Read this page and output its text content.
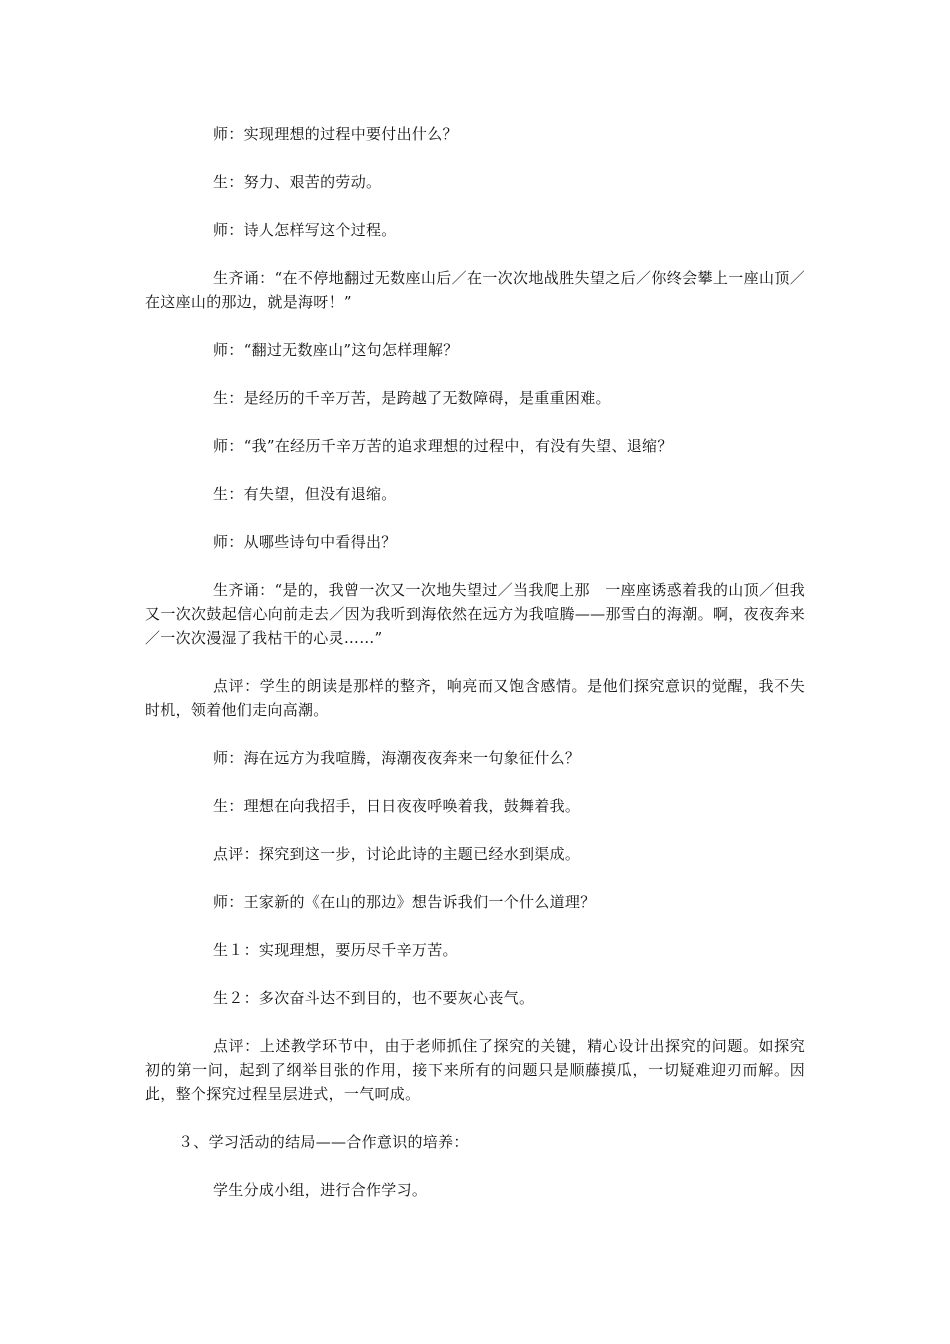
师：实现理想的过程中要付出什么？

生：努力、艰苦的劳动。

师：诗人怎样写这个过程。

生齐诵：“在不停地翻过无数座山后／在一次次地战胜失望之后／你终会攀上一座山顶／在这座山的那边，就是海呀！”

师：“翻过无数座山”这句怎样理解？

生：是经历的千辛万苦，是跨越了无数障碍，是重重困难。

师：“我”在经历千辛万苦的追求理想的过程中，有没有失望、退缩？

生：有失望，但没有退缩。

师：从哪些诗句中看得出？

生齐诵：“是的，我曾一次又一次地失望过／当我爬上那　一座座诱惑着我的山顶／但我又一次次鼓起信心向前走去／因为我听到海依然在远方为我喧腾——那雪白的海潮。啊，夜夜奔来／一次次漫湿了我枯干的心灵……”

点评：学生的朗读是那样的整齐，响亮而又饱含感情。是他们探究意识的觉醒，我不失时机，领着他们走向高潮。

师：海在远方为我喧腾，海潮夜夜奔来一句象征什么？

生：理想在向我招手，日日夜夜呼唤着我，鼓舞着我。

点评：探究到这一步，讨论此诗的主题已经水到渠成。

师：王家新的《在山的那边》想告诉我们一个什么道理？

生１：实现理想，要历尽千辛万苦。

生２：多次奋斗达不到目的，也不要灰心丧气。

点评：上述教学环节中，由于老师抓住了探究的关键，精心设计出探究的问题。如探究初的第一问，起到了纲举目张的作用，接下来所有的问题只是顺藤摸瓜，一切疑难迎刃而解。因此，整个探究过程呈层进式，一气呵成。

３、学习活动的结局——合作意识的培养：

学生分成小组，进行合作学习。
